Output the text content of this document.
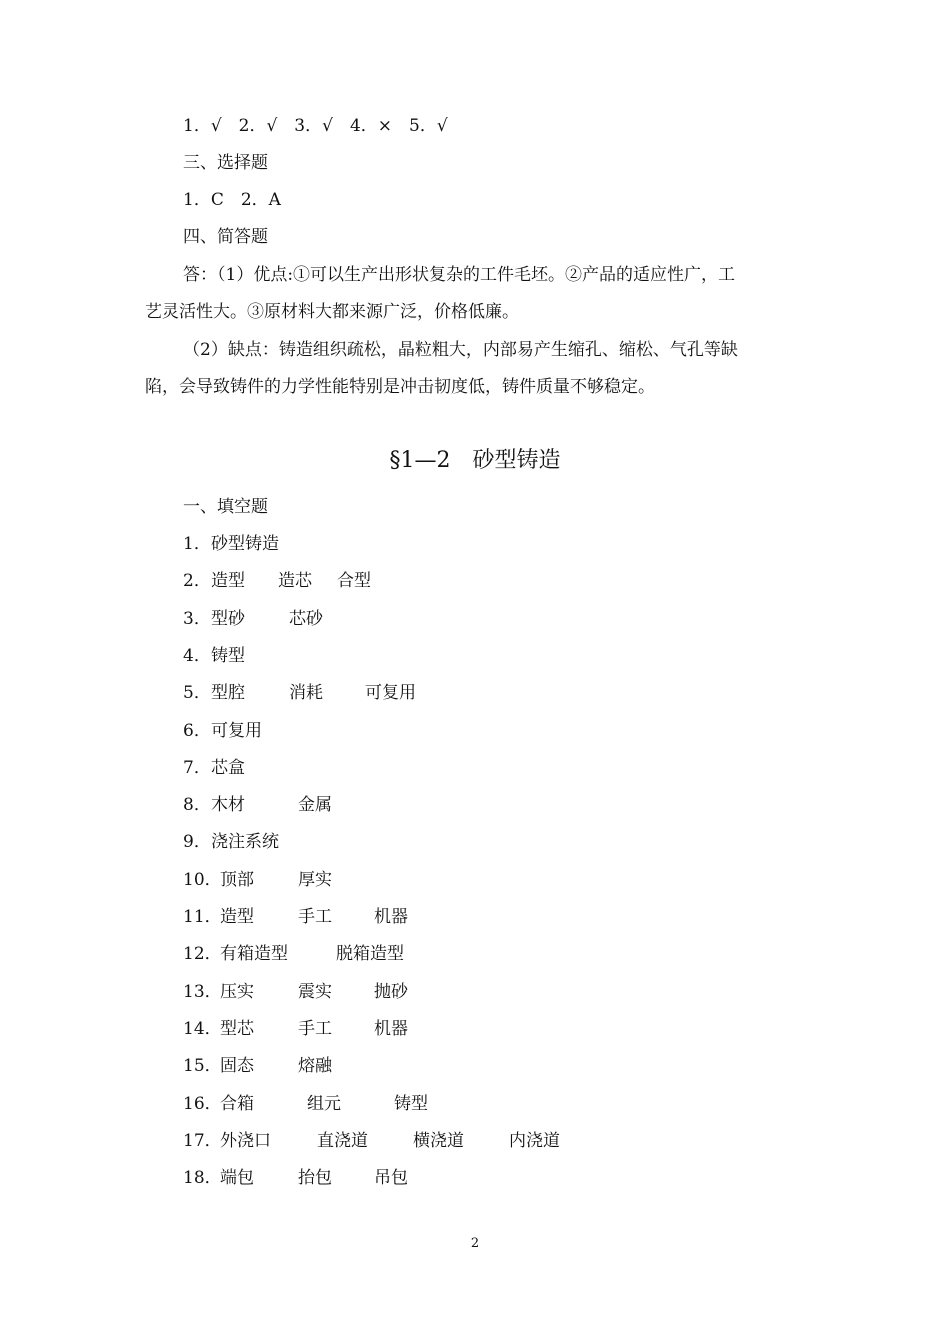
1．√　2．√　3．√　4．×　5．√
三、选择题
1．C　2．A
四、简答题
答：（1）优点:①可以生产出形状复杂的工件毛坯。②产品的适应性广，工
艺灵活性大。③原材料大都来源广泛，价格低廉。
（2）缺点：铸造组织疏松，晶粒粗大，内部易产生缩孔、缩松、气孔等缺
陷，会导致铸件的力学性能特别是冲击韧度低，铸件质量不够稳定。
§1—2　砂型铸造
一、填空题
1． 砂型铸造
2． 造型 造芯 合型
3． 型砂	芯砂
4． 铸型
5． 型腔	消耗 可复用
6． 可复用
7． 芯盒
8． 木材	金属
9． 浇注系统
10．
顶部	厚实
11．
造型	手工 机器
12．
有箱造型	脱箱造型
13．
压实	震实 抛砂
14．
型芯	手工 机器
15．
固态	熔融
16．
合箱	组元	铸型
17．
外浇口	直浇道	横浇道	内浇道
18．
端包	抬包 吊包
2
